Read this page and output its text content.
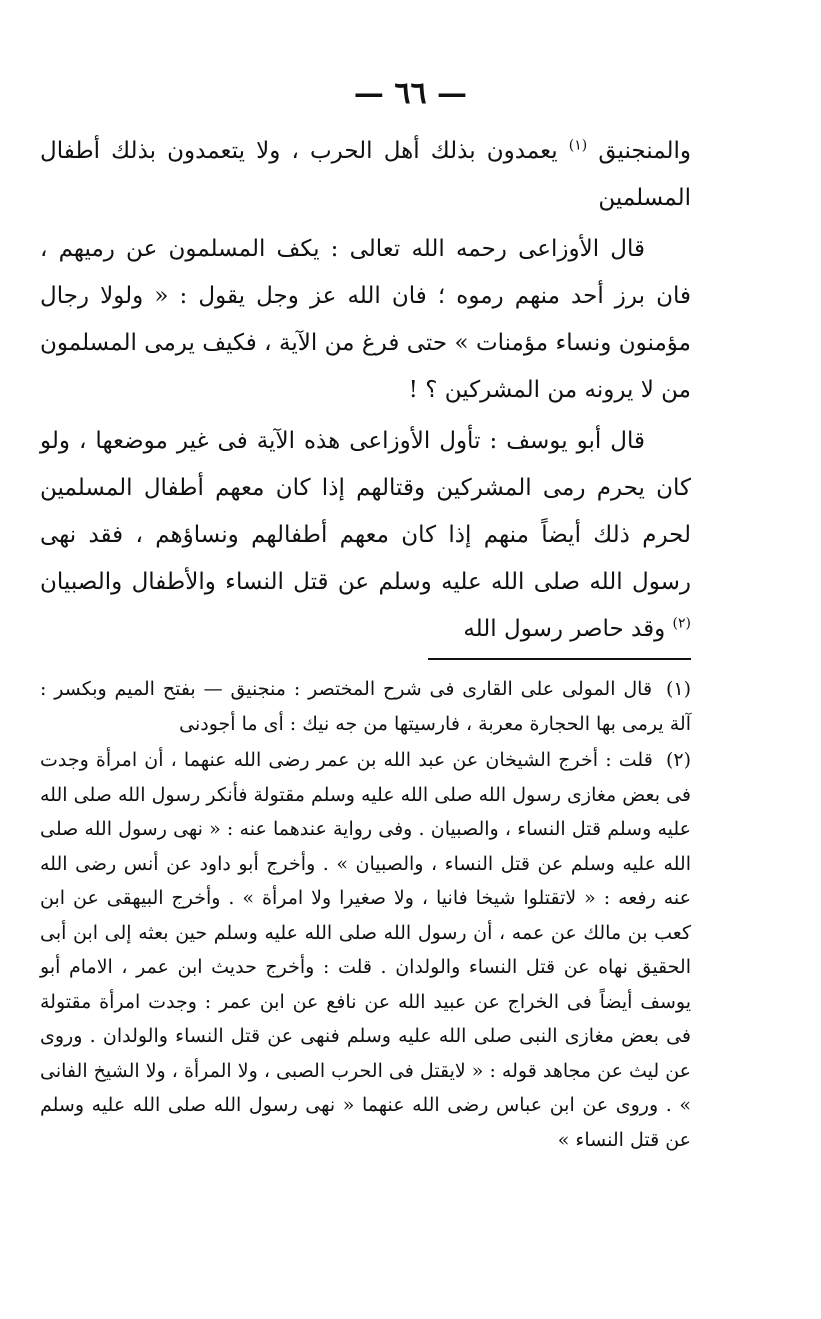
— ٦٦ —

والمنجنيق $^{(١)}$ يعمدون بذلك أهل الحرب ، ولا يتعمدون بذلك أطفال المسلمين

قال الأوزاعى رحمه الله تعالى : يكف المسلمون عن رميهم ، فان برز أحد منهم رموه ؛ فان الله عز وجل يقول : « ولولا رجال مؤمنون ونساء مؤمنات » حتى فرغ من الآية ، فكيف يرمى المسلمون من لا يرونه من المشركين ؟ !

قال أبو يوسف : تأول الأوزاعى هذه الآية فى غير موضعها ، ولو كان يحرم رمى المشركين وقتالهم إذا كان معهم أطفال المسلمين لحرم ذلك أيضاً منهم إذا كان معهم أطفالهم ونساؤهم ، فقد نهى رسول الله صلى الله عليه وسلم عن قتل النساء والأطفال والصبيان $^{(٢)}$ وقد حاصر رسول الله

(١) قال المولى على القارى فى شرح المختصر : منجنيق — بفتح الميم وبكسر : آلة يرمى بها الحجارة معربة ، فارسيتها من جه نيك : أى ما أجودنى

(٢) قلت : أخرج الشيخان عن عبد الله بن عمر رضى الله عنهما ، أن امرأة وجدت فى بعض مغازى رسول الله صلى الله عليه وسلم مقتولة فأنكر رسول الله صلى الله عليه وسلم قتل النساء ، والصبيان . وفى رواية عندهما عنه : « نهى رسول الله صلى الله عليه وسلم عن قتل النساء ، والصبيان » . وأخرج أبو داود عن أنس رضى الله عنه رفعه : « لاتقتلوا شيخا فانيا ، ولا صغيرا ولا امرأة » . وأخرج البيهقى عن ابن كعب بن مالك عن عمه ، أن رسول الله صلى الله عليه وسلم حين بعثه إلى ابن أبى الحقيق نهاه عن قتل النساء والولدان . قلت : وأخرج حديث ابن عمر ، الامام أبو يوسف أيضاً فى الخراج عن عبيد الله عن نافع عن ابن عمر : وجدت امرأة مقتولة فى بعض مغازى النبى صلى الله عليه وسلم فنهى عن قتل النساء والولدان . وروى عن ليث عن مجاهد قوله : « لايقتل فى الحرب الصبى ، ولا المرأة ، ولا الشيخ الفانى » . وروى عن ابن عباس رضى الله عنهما « نهى رسول الله صلى الله عليه وسلم عن قتل النساء »
